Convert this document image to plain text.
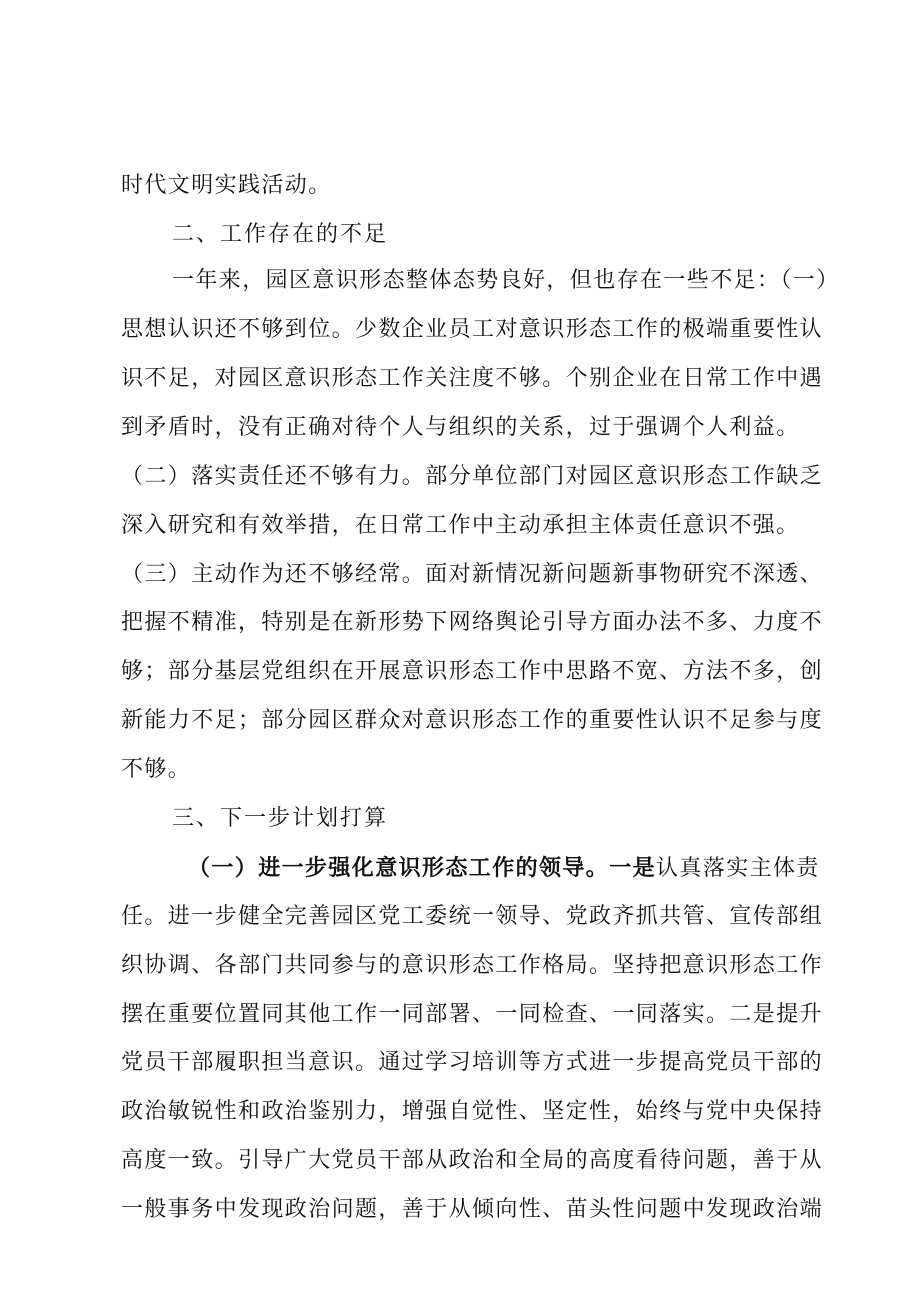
时代文明实践活动。
二、工作存在的不足
一年来，园区意识形态整体态势良好，但也存在一些不足：（一）
思想认识还不够到位。少数企业员工对意识形态工作的极端重要性认
识不足，对园区意识形态工作关注度不够。个别企业在日常工作中遇
到矛盾时，没有正确对待个人与组织的关系，过于强调个人利益。
（二）落实责任还不够有力。部分单位部门对园区意识形态工作缺乏
深入研究和有效举措，在日常工作中主动承担主体责任意识不强。
（三）主动作为还不够经常。面对新情况新问题新事物研究不深透、
把握不精准，特别是在新形势下网络舆论引导方面办法不多、力度不
够；部分基层党组织在开展意识形态工作中思路不宽、方法不多，创
新能力不足；部分园区群众对意识形态工作的重要性认识不足参与度
不够。
三、下一步计划打算
（一）进一步强化意识形态工作的领导。一是认真落实主体责
任。进一步健全完善园区党工委统一领导、党政齐抓共管、宣传部组
织协调、各部门共同参与的意识形态工作格局。坚持把意识形态工作
摆在重要位置同其他工作一同部署、一同检查、一同落实。二是提升
党员干部履职担当意识。通过学习培训等方式进一步提高党员干部的
政治敏锐性和政治鉴别力，增强自觉性、坚定性，始终与党中央保持
高度一致。引导广大党员干部从政治和全局的高度看待问题，善于从
一般事务中发现政治问题，善于从倾向性、苗头性问题中发现政治端
